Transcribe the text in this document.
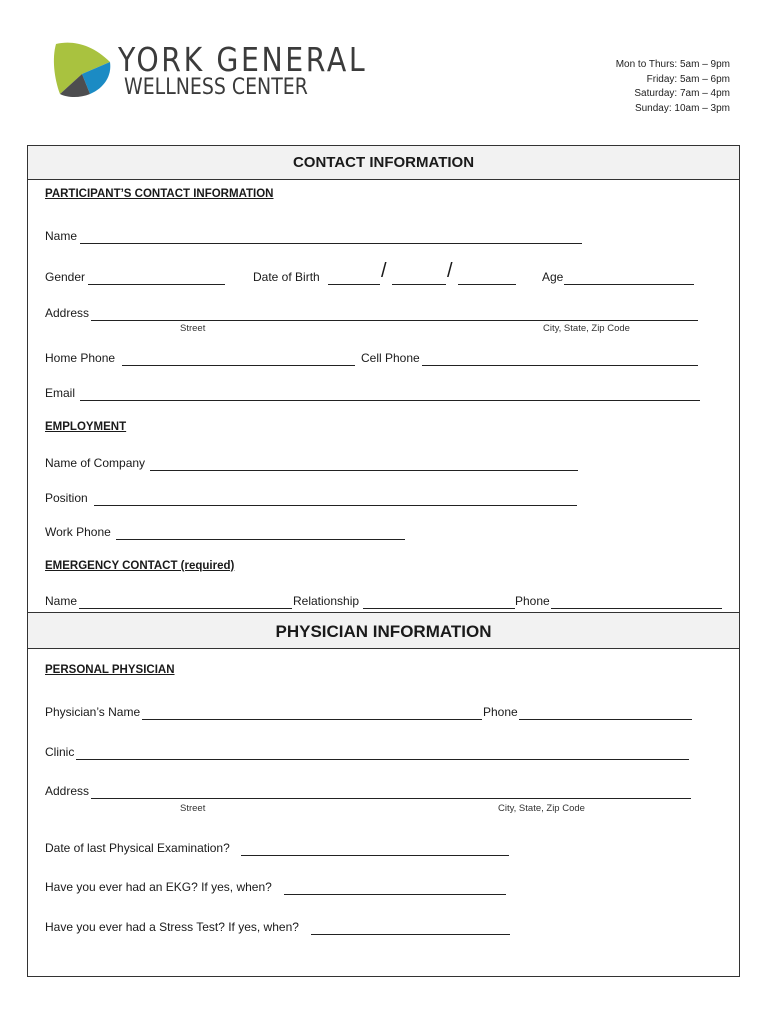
YORK GENERAL
WELLNESS CENTER
Mon to Thurs: 5am – 9pm
Friday: 5am – 6pm
Saturday: 7am – 4pm
Sunday: 10am – 3pm
CONTACT INFORMATION
PARTICIPANT’S CONTACT INFORMATION
Name
Gender	Date of Birth	/	/	Age
Address
Street	City, State, Zip Code
Home Phone	Cell Phone
Email
EMPLOYMENT
Name of Company
Position
Work Phone
EMERGENCY CONTACT (required)
Name	Relationship	Phone
PHYSICIAN INFORMATION
PERSONAL PHYSICIAN
Physician’s Name	Phone
Clinic
Address
Street	City, State, Zip Code
Date of last Physical Examination?
Have you ever had an EKG? If yes, when?
Have you ever had a Stress Test? If yes, when?
